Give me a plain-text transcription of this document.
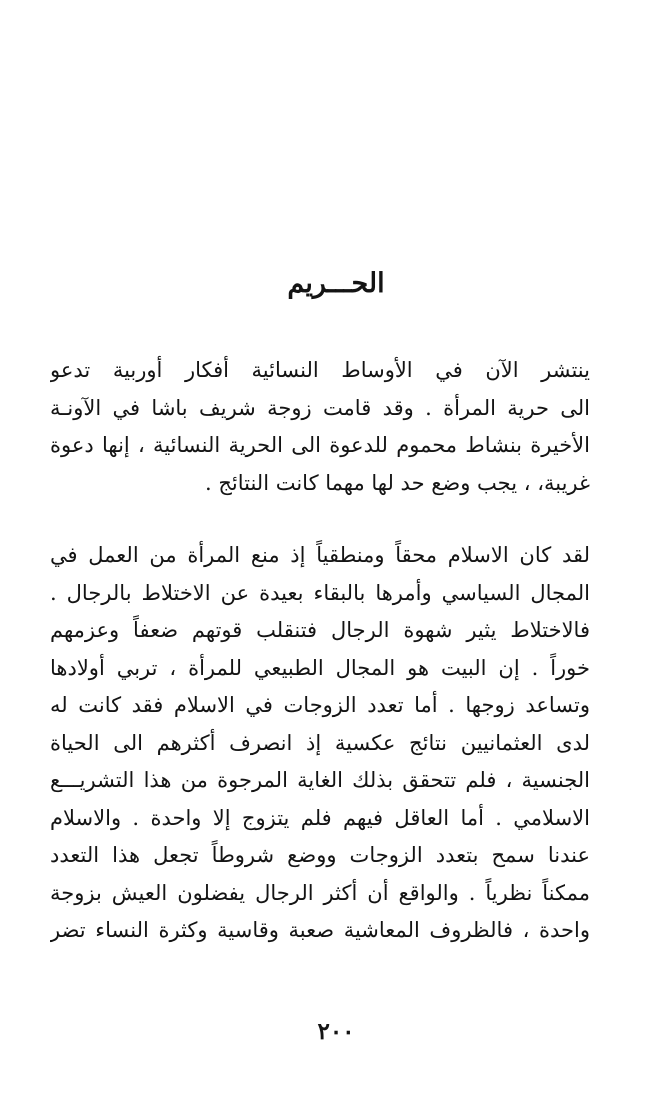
الحـــريم
ينتشر الآن في الأوساط النسائية أفكار أوربية تدعو
الى حرية المرأة . وقد قامت زوجة شريف باشا في الآونـة
الأخيرة بنشاط محموم للدعوة الى الحرية النسائية ، إنها دعوة
غريبة، ، يجب وضع حد لها مهما كانت النتائج .
لقد كان الاسلام محقاً ومنطقياً إذ منع المرأة من العمل في
المجال السياسي وأمرها بالبقاء بعيدة عن الاختلاط بالرجال .
فالاختلاط يثير شهوة الرجال فتنقلب قوتهم ضعفاً وعزمهم
خوراً . إن البيت هو المجال الطبيعي للمرأة ، تربي أولادها
وتساعد زوجها . أما تعدد الزوجات في الاسلام فقد كانت له
لدى العثمانيين نتائج عكسية إذ انصرف أكثرهم الى الحياة
الجنسية ، فلم تتحقق بذلك الغاية المرجوة من هذا التشريـــع
الاسلامي . أما العاقل فيهم فلم يتزوج إلا واحدة . والاسلام
عندنا سمح بتعدد الزوجات ووضع شروطاً تجعل هذا التعدد
ممكناً نظرياً . والواقع أن أكثر الرجال يفضلون العيش بزوجة
واحدة ، فالظروف المعاشية صعبة وقاسية وكثرة النساء تضر
٢٠٠
